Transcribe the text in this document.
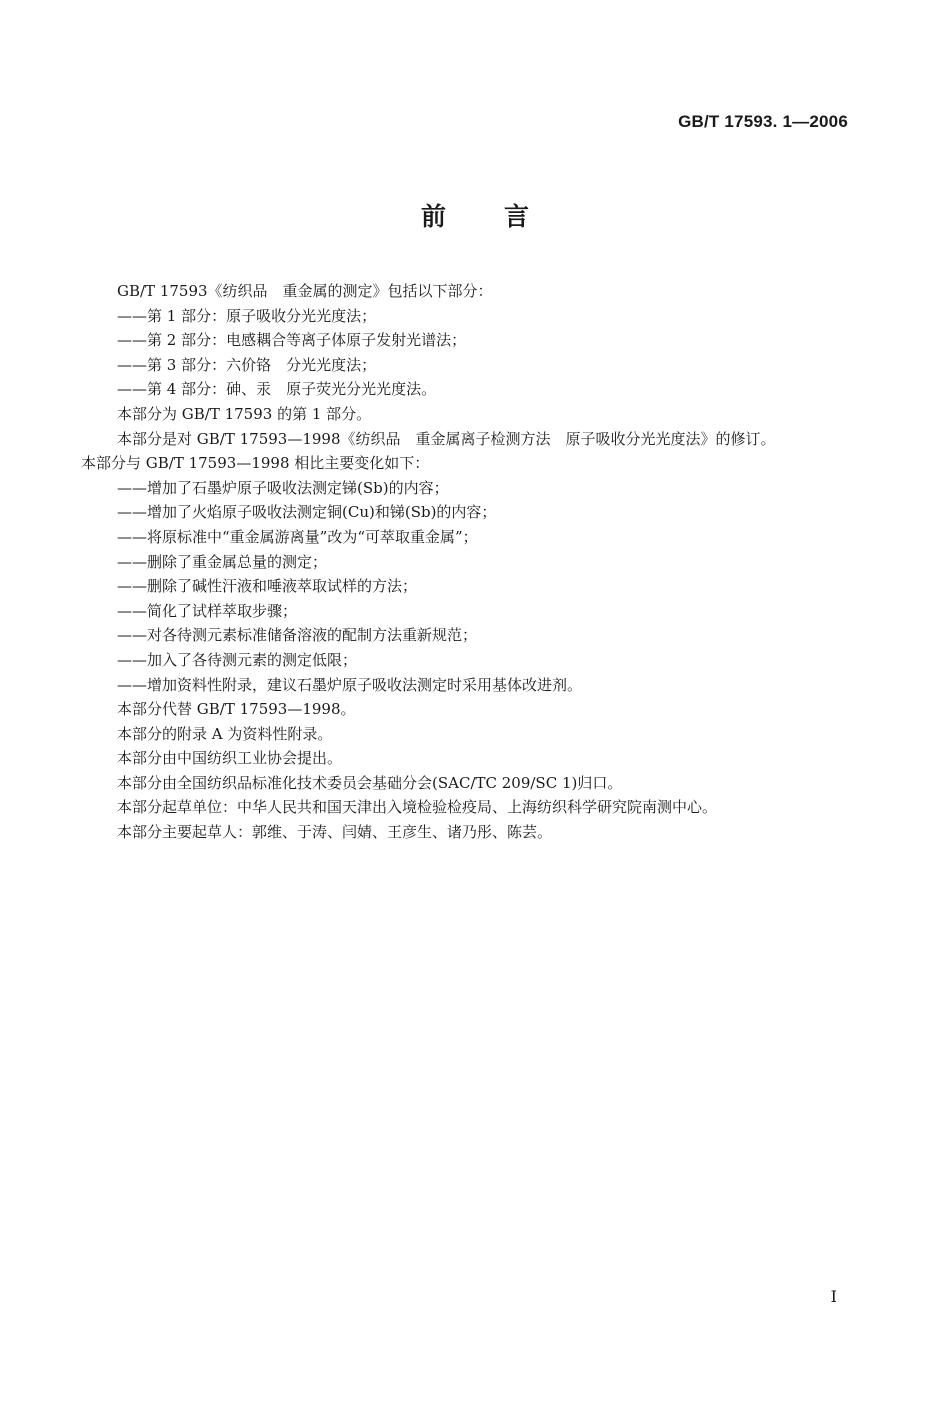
GB/T 17593. 1—2006
前言

GB/T 17593《纺织品　重金属的测定》包括以下部分：

——第 1 部分：原子吸收分光光度法；

——第 2 部分：电感耦合等离子体原子发射光谱法；

——第 3 部分：六价铬　分光光度法；

——第 4 部分：砷、汞　原子荧光分光光度法。

本部分为 GB/T 17593 的第 1 部分。

本部分是对 GB/T 17593—1998《纺织品　重金属离子检测方法　原子吸收分光光度法》的修订。

本部分与 GB/T 17593—1998 相比主要变化如下：

——增加了石墨炉原子吸收法测定锑(Sb)的内容；

——增加了火焰原子吸收法测定铜(Cu)和锑(Sb)的内容；

——将原标准中“重金属游离量”改为“可萃取重金属”；

——删除了重金属总量的测定；

——删除了碱性汗液和唾液萃取试样的方法；

——简化了试样萃取步骤；

——对各待测元素标准储备溶液的配制方法重新规范；

——加入了各待测元素的测定低限；

——增加资料性附录，建议石墨炉原子吸收法测定时采用基体改进剂。

本部分代替 GB/T 17593—1998。

本部分的附录 A 为资料性附录。

本部分由中国纺织工业协会提出。

本部分由全国纺织品标准化技术委员会基础分会(SAC/TC 209/SC 1)归口。

本部分起草单位：中华人民共和国天津出入境检验检疫局、上海纺织科学研究院南测中心。

本部分主要起草人：郭维、于涛、闫婧、王彦生、诸乃彤、陈芸。

I
